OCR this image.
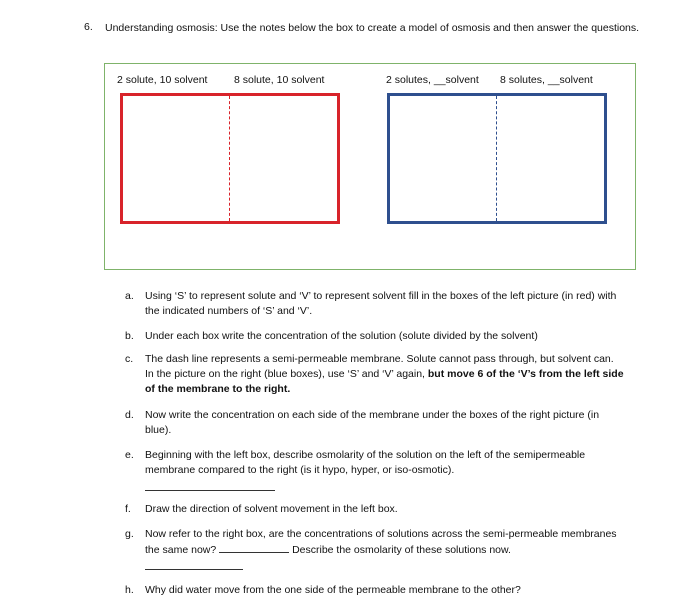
6. Understanding osmosis: Use the notes below the box to create a model of osmosis and then answer the questions.
2 solute, 10 solvent	8 solute, 10 solvent	2 solutes, __solvent 8 solutes, __solvent
a. Using ‘S’ to represent solute and ‘V’ to represent solvent fill in the boxes of the left picture (in red) with the indicated numbers of ‘S’ and ‘V’.
b. Under each box write the concentration of the solution (solute divided by the solvent)
c. The dash line represents a semi-permeable membrane. Solute cannot pass through, but solvent can. In the picture on the right (blue boxes), use ‘S’ and ‘V’ again, but move 6 of the ‘V’s from the left side of the membrane to the right.
d. Now write the concentration on each side of the membrane under the boxes of the right picture (in blue).
e. Beginning with the left box, describe osmolarity of the solution on the left of the semipermeable membrane compared to the right (is it hypo, hyper, or iso-osmotic).
f. Draw the direction of solvent movement in the left box.
g. Now refer to the right box, are the concentrations of solutions across the semi-permeable membranes the same now?	Describe the osmolarity of these solutions now.
h. Why did water move from the one side of the permeable membrane to the other?
